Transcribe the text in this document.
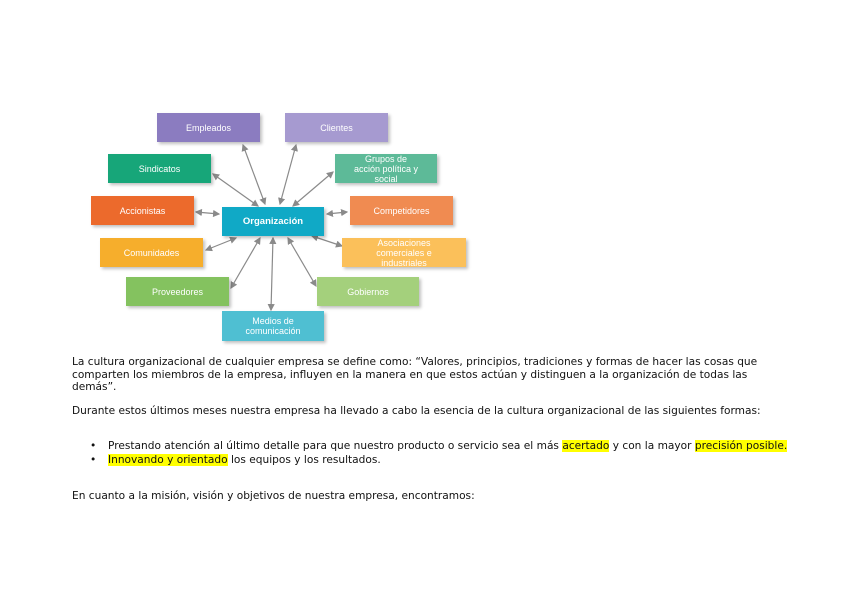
Empleados	Clientes
Sindicatos
Grupos de acción política y social
Accionistas
Organización
Competidores
Comunidades
Asociaciones comerciales e industriales
Proveedores	Gobiernos
Medios de comunicación

La cultura organizacional de cualquier empresa se define como: “Valores, principios, tradiciones y formas de hacer las cosas que comparten los miembros de la empresa, influyen en la manera en que estos actúan y distinguen a la organización de todas las demás”.

Durante estos últimos meses nuestra empresa ha llevado a cabo la esencia de la cultura organizacional de las siguientes formas:

• Prestando atención al último detalle para que nuestro producto o servicio sea el más acertado y con la mayor precisión posible.
• Innovando y orientado los equipos y los resultados.

En cuanto a la misión, visión y objetivos de nuestra empresa, encontramos:
